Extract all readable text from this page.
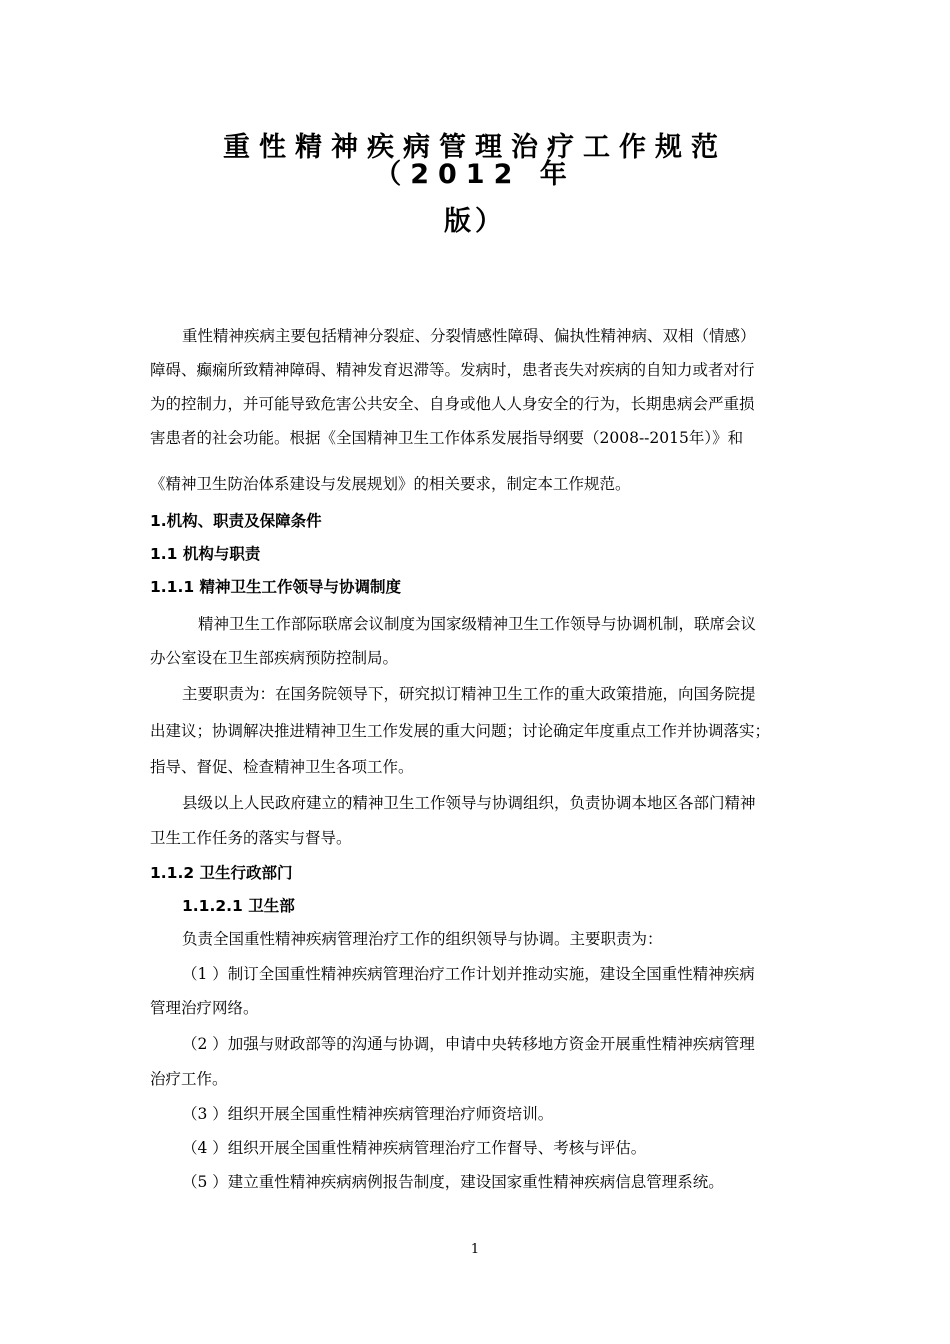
重性精神疾病管理治疗工作规范（2012 年
版）
重性精神疾病主要包括精神分裂症、分裂情感性障碍、偏执性精神病、双相（情感）
障碍、癫痫所致精神障碍、精神发育迟滞等。发病时，患者丧失对疾病的自知力或者对行
为的控制力，并可能导致危害公共安全、自身或他人人身安全的行为，长期患病会严重损
害患者的社会功能。根据《全国精神卫生工作体系发展指导纲要（2008--2015年）》和
《精神卫生防治体系建设与发展规划》的相关要求，制定本工作规范。
1.机构、职责及保障条件
1.1 机构与职责
1.1.1 精神卫生工作领导与协调制度
精神卫生工作部际联席会议制度为国家级精神卫生工作领导与协调机制，联席会议
办公室设在卫生部疾病预防控制局。
主要职责为：在国务院领导下，研究拟订精神卫生工作的重大政策措施，向国务院提
出建议；协调解决推进精神卫生工作发展的重大问题；讨论确定年度重点工作并协调落实；
指导、督促、检查精神卫生各项工作。
县级以上人民政府建立的精神卫生工作领导与协调组织，负责协调本地区各部门精神
卫生工作任务的落实与督导。
1.1.2 卫生行政部门
1.1.2.1 卫生部
负责全国重性精神疾病管理治疗工作的组织领导与协调。主要职责为：
（1 ）制订全国重性精神疾病管理治疗工作计划并推动实施，建设全国重性精神疾病
管理治疗网络。
（2 ）加强与财政部等的沟通与协调，申请中央转移地方资金开展重性精神疾病管理
治疗工作。
（3 ）组织开展全国重性精神疾病管理治疗师资培训。
（4 ）组织开展全国重性精神疾病管理治疗工作督导、考核与评估。
（5 ）建立重性精神疾病病例报告制度，建设国家重性精神疾病信息管理系统。
1
